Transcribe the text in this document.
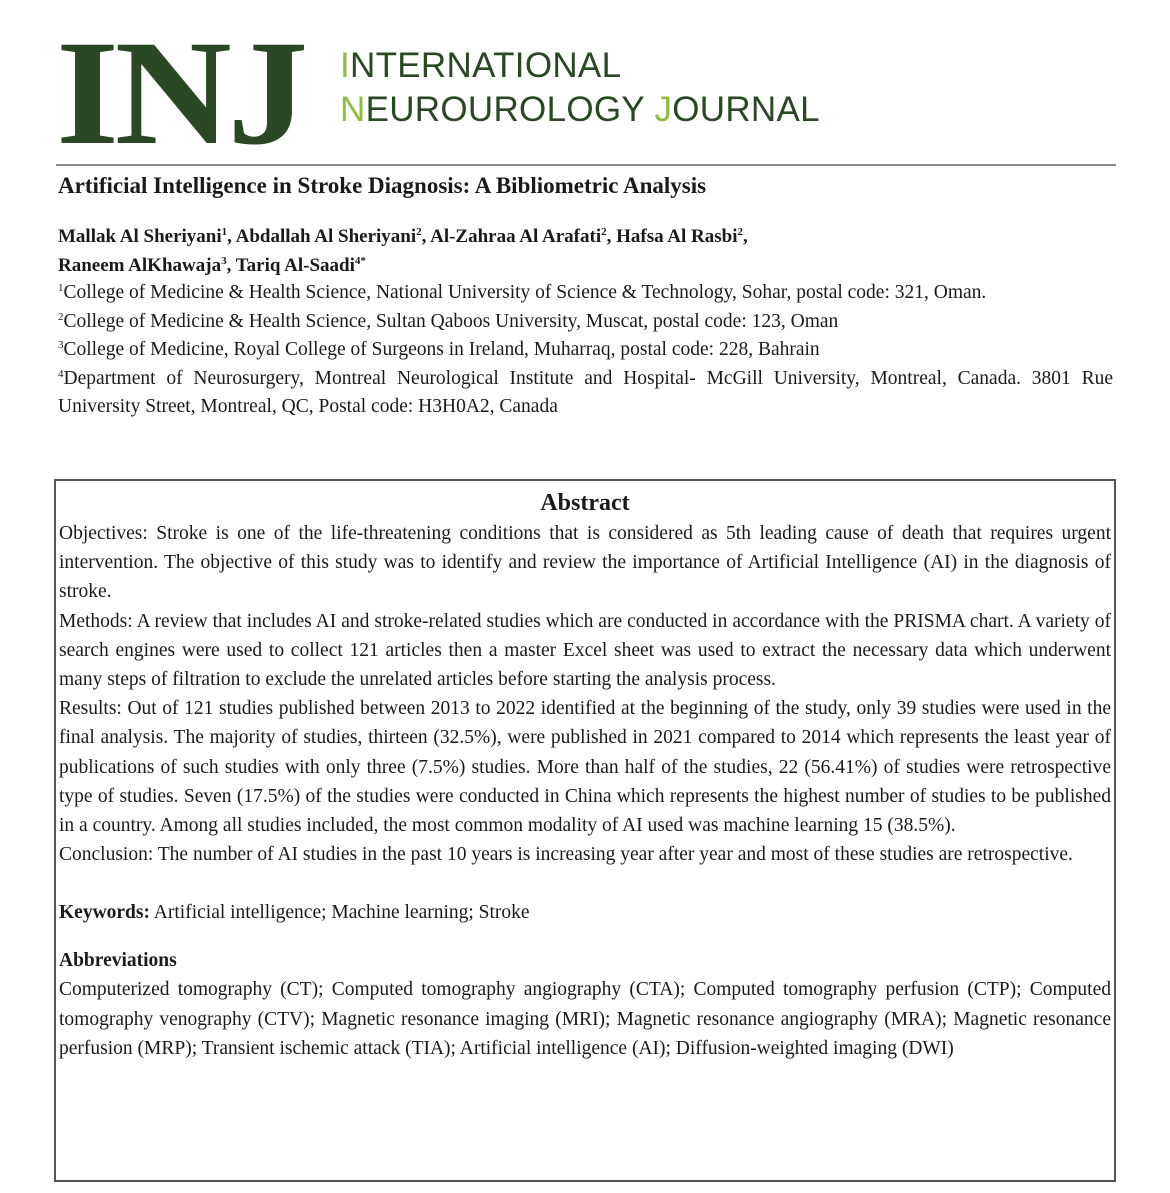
INJ INTERNATIONAL
NEUROUROLOGY JOURNAL
Artificial Intelligence in Stroke Diagnosis: A Bibliometric Analysis
Mallak Al Sheriyani$^1$, Abdallah Al Sheriyani$^2$, Al-Zahraa Al Arafati$^2$, Hafsa Al Rasbi$^2$,
Raneem AlKhawaja$^3$, Tariq Al-Saadi$^{4*}$

$^1$College of Medicine & Health Science, National University of Science & Technology, Sohar, postal code: 321, Oman.

$^2$College of Medicine & Health Science, Sultan Qaboos University, Muscat, postal code: 123, Oman

$^3$College of Medicine, Royal College of Surgeons in Ireland, Muharraq, postal code: 228, Bahrain

$^4$Department of Neurosurgery, Montreal Neurological Institute and Hospital- McGill University, Montreal, Canada. 3801 Rue University Street, Montreal, QC, Postal code: H3H0A2, Canada

Abstract

Objectives: Stroke is one of the life-threatening conditions that is considered as 5th leading cause of death that requires urgent intervention. The objective of this study was to identify and review the importance of Artificial Intelligence (AI) in the diagnosis of stroke.

Methods: A review that includes AI and stroke-related studies which are conducted in accordance with the PRISMA chart. A variety of search engines were used to collect 121 articles then a master Excel sheet was used to extract the necessary data which underwent many steps of filtration to exclude the unrelated articles before starting the analysis process.

Results: Out of 121 studies published between 2013 to 2022 identified at the beginning of the study, only 39 studies were used in the final analysis. The majority of studies, thirteen (32.5%), were published in 2021 compared to 2014 which represents the least year of publications of such studies with only three (7.5%) studies. More than half of the studies, 22 (56.41%) of studies were retrospective type of studies. Seven (17.5%) of the studies were conducted in China which represents the highest number of studies to be published in a country. Among all studies included, the most common modality of AI used was machine learning 15 (38.5%).

Conclusion: The number of AI studies in the past 10 years is increasing year after year and most of these studies are retrospective.

Keywords: Artificial intelligence; Machine learning; Stroke
Abbreviations
Computerized tomography (CT); Computed tomography angiography (CTA); Computed tomography perfusion (CTP); Computed tomography venography (CTV); Magnetic resonance imaging (MRI); Magnetic resonance angiography (MRA); Magnetic resonance perfusion (MRP); Transient ischemic attack (TIA); Artificial intelligence (AI); Diffusion-weighted imaging (DWI)
